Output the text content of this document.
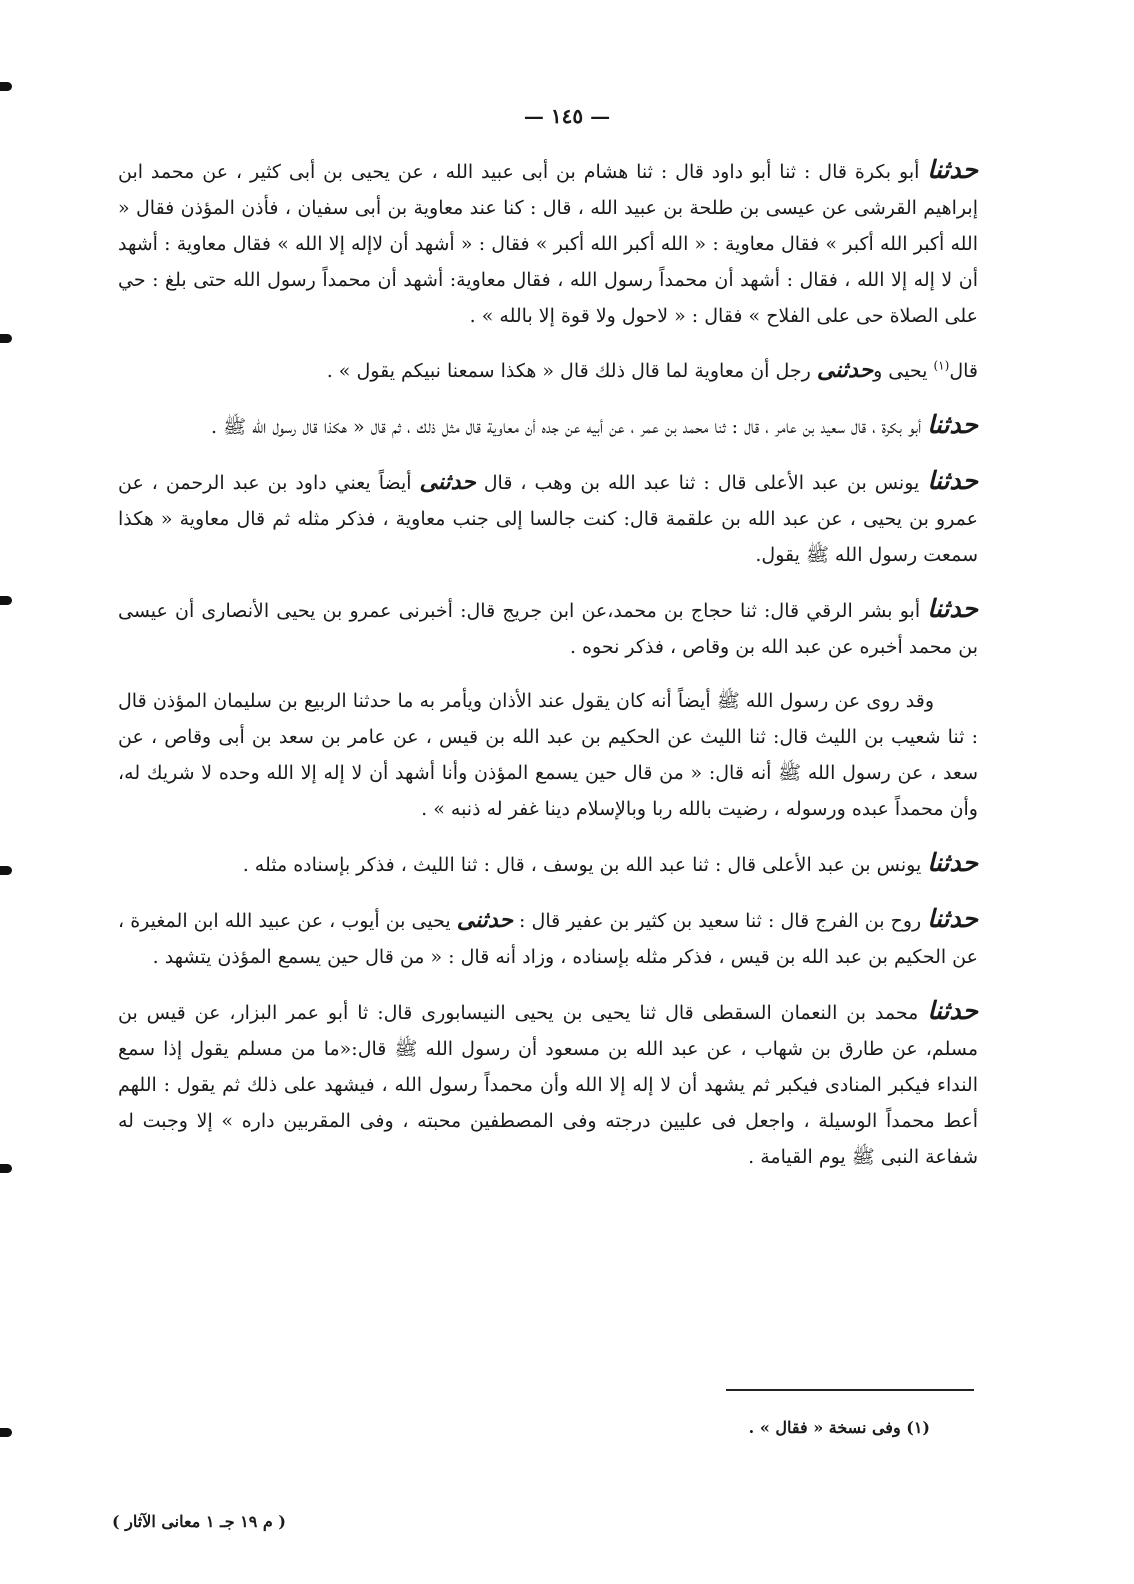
— ١٤٥ —

حدثنا أبو بكرة قال : ثنا أبو داود قال : ثنا هشام بن أبى عبيد الله ، عن يحيى بن أبى كثير ، عن محمد ابن إبراهيم القرشى عن عيسى بن طلحة بن عبيد الله ، قال : كنا عند معاوية بن أبى سفيان ، فأذن المؤذن فقال « الله أكبر الله أكبر » فقال معاوية : « الله أكبر الله أكبر » فقال : « أشهد أن لاإله إلا الله » فقال معاوية : أشهد أن لا إله إلا الله ، فقال : أشهد أن محمداً رسول الله ، فقال معاوية: أشهد أن محمداً رسول الله حتى بلغ : حي على الصلاة حى على الفلاح » فقال : « لاحول ولا قوة إلا بالله » .

قال$^{(١)}$ يحيى وحدثنى رجل أن معاوية لما قال ذلك قال « هكذا سمعنا نبيكم يقول » .

حدثنا أبو بكرة ، قال سعيد بن عامر ، قال : ثنا محمد بن عمر ، عن أبيه عن جده أن معاوية قال مثل ذلك ، ثم قال « هكذا قال رسول الله ﷺ .

حدثنا يونس بن عبد الأعلى قال : ثنا عبد الله بن وهب ، قال حدثنى أيضاً يعني داود بن عبد الرحمن ، عن عمرو بن يحيى ، عن عبد الله بن علقمة قال: كنت جالسا إلى جنب معاوية ، فذكر مثله ثم قال معاوية « هكذا سمعت رسول الله ﷺ يقول.

حدثنا أبو بشر الرقي قال: ثنا حجاج بن محمد،عن ابن جريج قال: أخبرنى عمرو بن يحيى الأنصارى أن عيسى بن محمد أخبره عن عبد الله بن وقاص ، فذكر نحوه .

وقد روى عن رسول الله ﷺ أيضاً أنه كان يقول عند الأذان ويأمر به ما حدثنا الربيع بن سليمان المؤذن قال : ثنا شعيب بن الليث قال: ثنا الليث عن الحكيم بن عبد الله بن قيس ، عن عامر بن سعد بن أبى وقاص ، عن سعد ، عن رسول الله ﷺ أنه قال: « من قال حين يسمع المؤذن وأنا أشهد أن لا إله إلا الله وحده لا شريك له، وأن محمداً عبده ورسوله ، رضيت بالله ربا وبالإسلام دينا غفر له ذنبه » .

حدثنا يونس بن عبد الأعلى قال : ثنا عبد الله بن يوسف ، قال : ثنا الليث ، فذكر بإسناده مثله .

حدثنا روح بن الفرج قال : ثنا سعيد بن كثير بن عفير قال : حدثنى يحيى بن أيوب ، عن عبيد الله ابن المغيرة ، عن الحكيم بن عبد الله بن قيس ، فذكر مثله بإسناده ، وزاد أنه قال : « من قال حين يسمع المؤذن يتشهد .

حدثنا محمد بن النعمان السقطى قال ثنا يحيى بن يحيى النيسابورى قال: ثا أبو عمر البزار، عن قيس بن مسلم، عن طارق بن شهاب ، عن عبد الله بن مسعود أن رسول الله ﷺ قال:«ما من مسلم يقول إذا سمع النداء فيكبر المنادى فيكبر ثم يشهد أن لا إله إلا الله وأن محمداً رسول الله ، فيشهد على ذلك ثم يقول : اللهم أعط محمداً الوسيلة ، واجعل فى عليين درجته وفى المصطفين محبته ، وفى المقربين داره » إلا وجبت له شفاعة النبى ﷺ يوم القيامة .

(١) وفى نسخة « فقال » .
( م ١٩ جـ ١ معانى الآثار )
